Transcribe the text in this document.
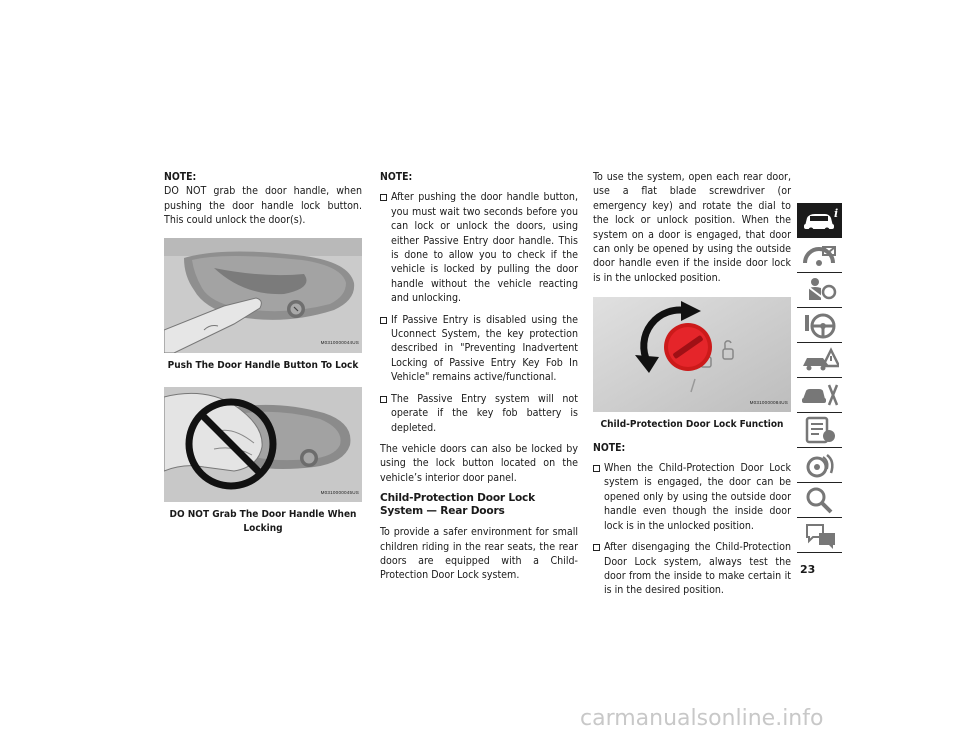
NOTE:

DO NOT grab the door handle, when pushing the door handle lock button. This could unlock the door(s).

M0310000044US
Push The Door Handle Button To Lock
M0310000045US
DO NOT Grab The Door Handle When Locking
NOTE:
After pushing the door handle button, you must wait two seconds before you can lock or unlock the doors, using either Passive Entry door handle. This is done to allow you to check if the vehicle is locked by pulling the door handle without the vehicle reacting and unlocking.
If Passive Entry is disabled using the Uconnect System, the key protection described in "Preventing Inadvertent Locking of Passive Entry Key Fob In Vehicle" remains active/functional.
The Passive Entry system will not operate if the key fob battery is depleted.

The vehicle doors can also be locked by using the lock button located on the vehicle’s interior door panel.

Child-Protection Door Lock System — Rear Doors

To provide a safer environment for small children riding in the rear seats, the rear doors are equipped with a Child-Protection Door Lock system.

To use the system, open each rear door, use a flat blade screwdriver (or emergency key) and rotate the dial to the lock or unlock position. When the system on a door is engaged, that door can only be opened by using the outside door handle even if the inside door lock is in the unlocked position.

M0310000084US
Child-Protection Door Lock Function
NOTE:
When the Child-Protection Door Lock system is engaged, the door can be opened only by using the outside door handle even though the inside door lock is in the unlocked position.
After disengaging the Child-Protection Door Lock system, always test the door from the inside to make certain it is in the desired position.
i
23
carmanualsonline.info
